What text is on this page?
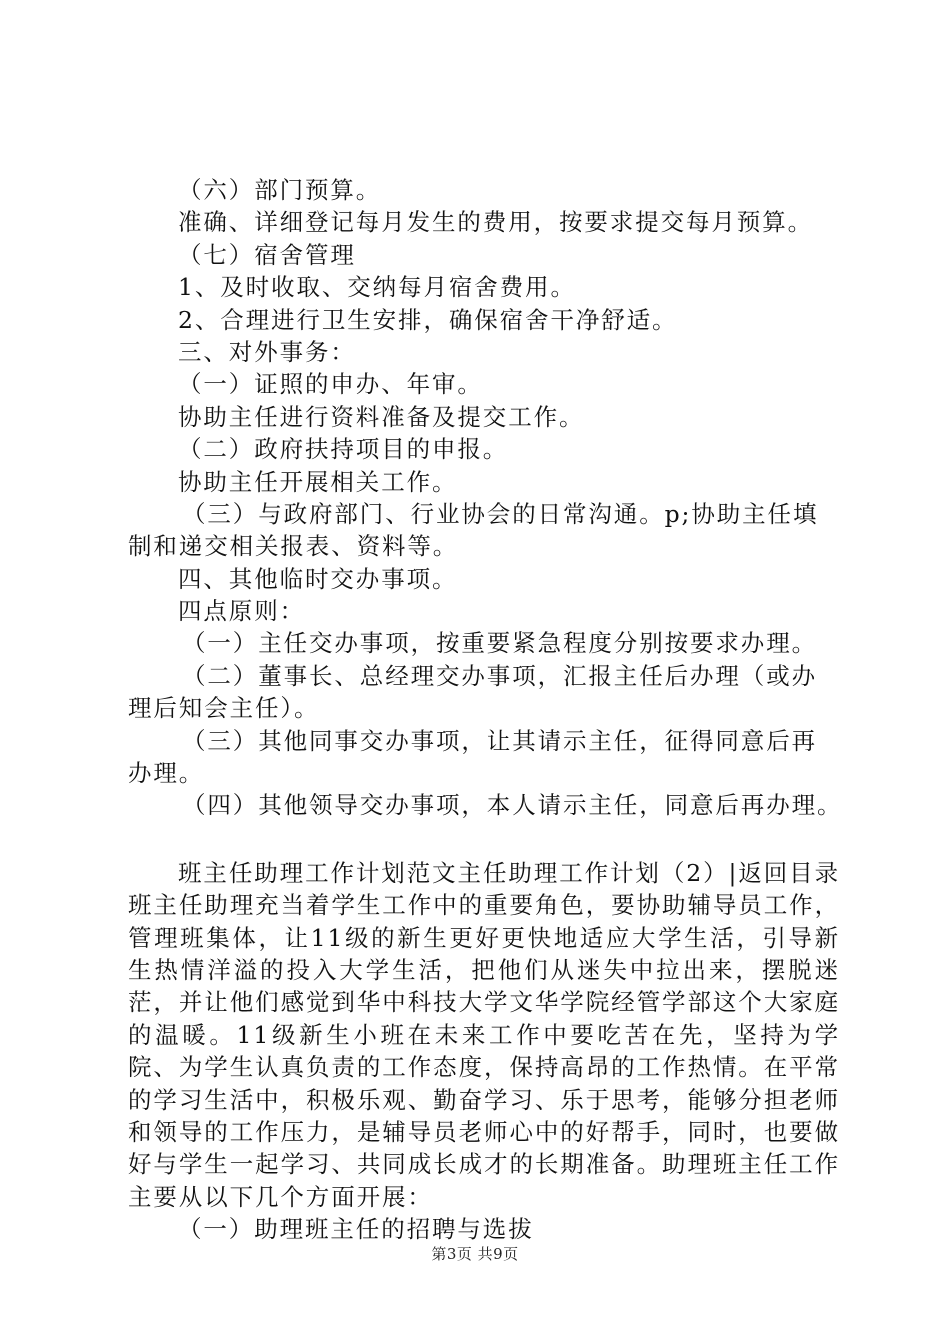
（六）部门预算。
准确、详细登记每月发生的费用，按要求提交每月预算。
（七）宿舍管理
1、及时收取、交纳每月宿舍费用。
2、合理进行卫生安排，确保宿舍干净舒适。
三、对外事务：
（一）证照的申办、年审。
协助主任进行资料准备及提交工作。
（二）政府扶持项目的申报。
协助主任开展相关工作。
（三）与政府部门、行业协会的日常沟通。p;协助主任填
制和递交相关报表、资料等。
四、其他临时交办事项。
四点原则：
（一）主任交办事项，按重要紧急程度分别按要求办理。
（二）董事长、总经理交办事项，汇报主任后办理（或办
理后知会主任）。
（三）其他同事交办事项，让其请示主任，征得同意后再
办理。
（四）其他领导交办事项，本人请示主任，同意后再办理。

班主任助理工作计划范文主任助理工作计划（2）|返回目录班主任助理充当着学生工作中的重要角色，要协助辅导员工作，管理班集体，让11级的新生更好更快地适应大学生活，引导新生热情洋溢的投入大学生活，把他们从迷失中拉出来，摆脱迷茫，并让他们感觉到华中科技大学文华学院经管学部这个大家庭的温暖。11级新生小班在未来工作中要吃苦在先，坚持为学院、为学生认真负责的工作态度，保持高昂的工作热情。在平常的学习生活中，积极乐观、勤奋学习、乐于思考，能够分担老师和领导的工作压力，是辅导员老师心中的好帮手，同时，也要做好与学生一起学习、共同成长成才的长期准备。助理班主任工作主要从以下几个方面开展：

（一）助理班主任的招聘与选拔
第3页 共9页
